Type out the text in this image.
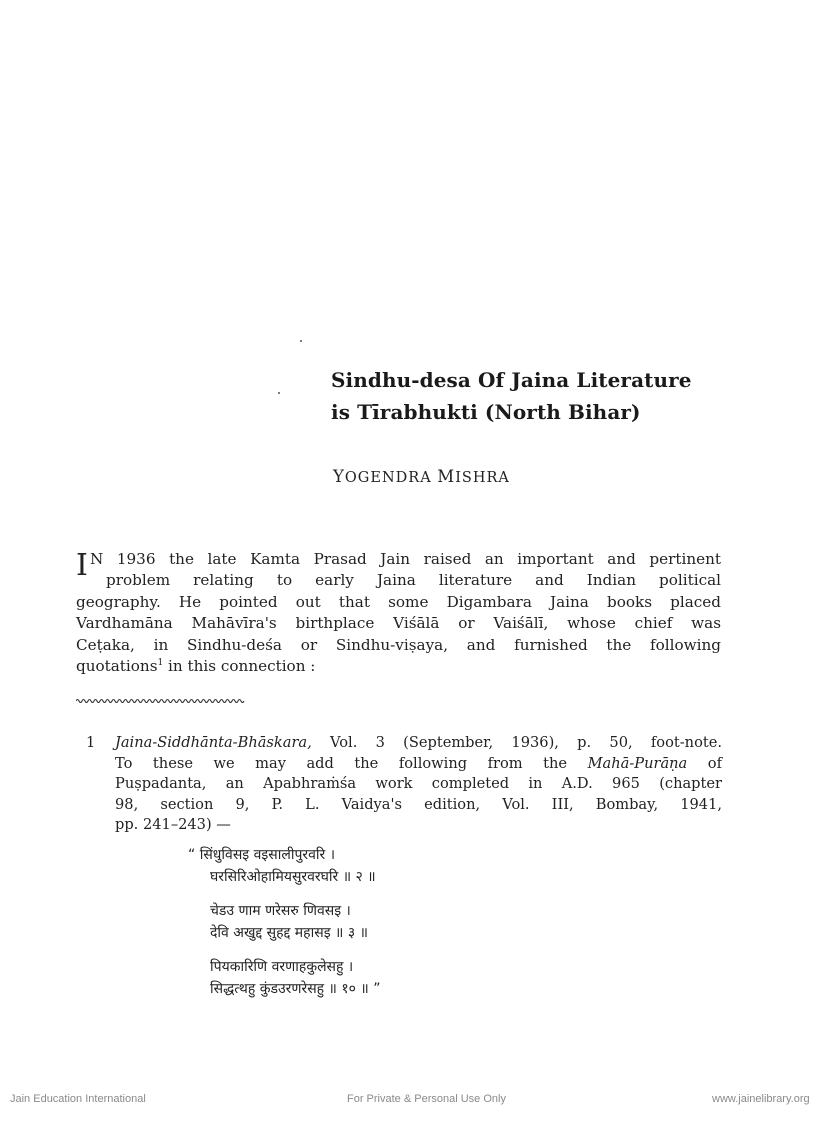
Sindhu-desa Of Jaina Literature
is Tīrabhukti (North Bihar)
YOGENDRA MISHRA
I N 1936 the late Kamta Prasad Jain raised an important and pertinent
problem relating to early Jaina literature and Indian political
geography. He pointed out that some Digambara Jaina books placed
Vardhamāna Mahāvīra's birthplace Viśālā or Vaiśālī, whose chief was
Ceṭaka, in Sindhu-deśa or Sindhu-viṣaya, and furnished the following
quotations$^1$ in this connection :
1 Jaina-Siddhānta-Bhāskara, Vol. 3 (September, 1936), p. 50, foot-note.
To these we may add the following from the Mahā-Purāṇa of
Puṣpadanta, an Apabhraṁśa work completed in A.D. 965 (chapter
98, section 9, P. L. Vaidya's edition, Vol. III, Bombay, 1941,
pp. 241–243) —
“ सिंधुविसइ वइसालीपुरवरि ।
घरसिरिओहामियसुरवरघरि ॥ २ ॥
चेडउ णाम णरेसरु णिवसइ ।
देवि अखुद्द सुहद्द महासइ ॥ ३ ॥
पियकारिणि वरणाहकुलेसहु ।
सिद्धत्थहु कुंडउरणरेसहु ॥ १० ॥ ”
Jain Education International	For Private & Personal Use Only	www.jainelibrary.org
